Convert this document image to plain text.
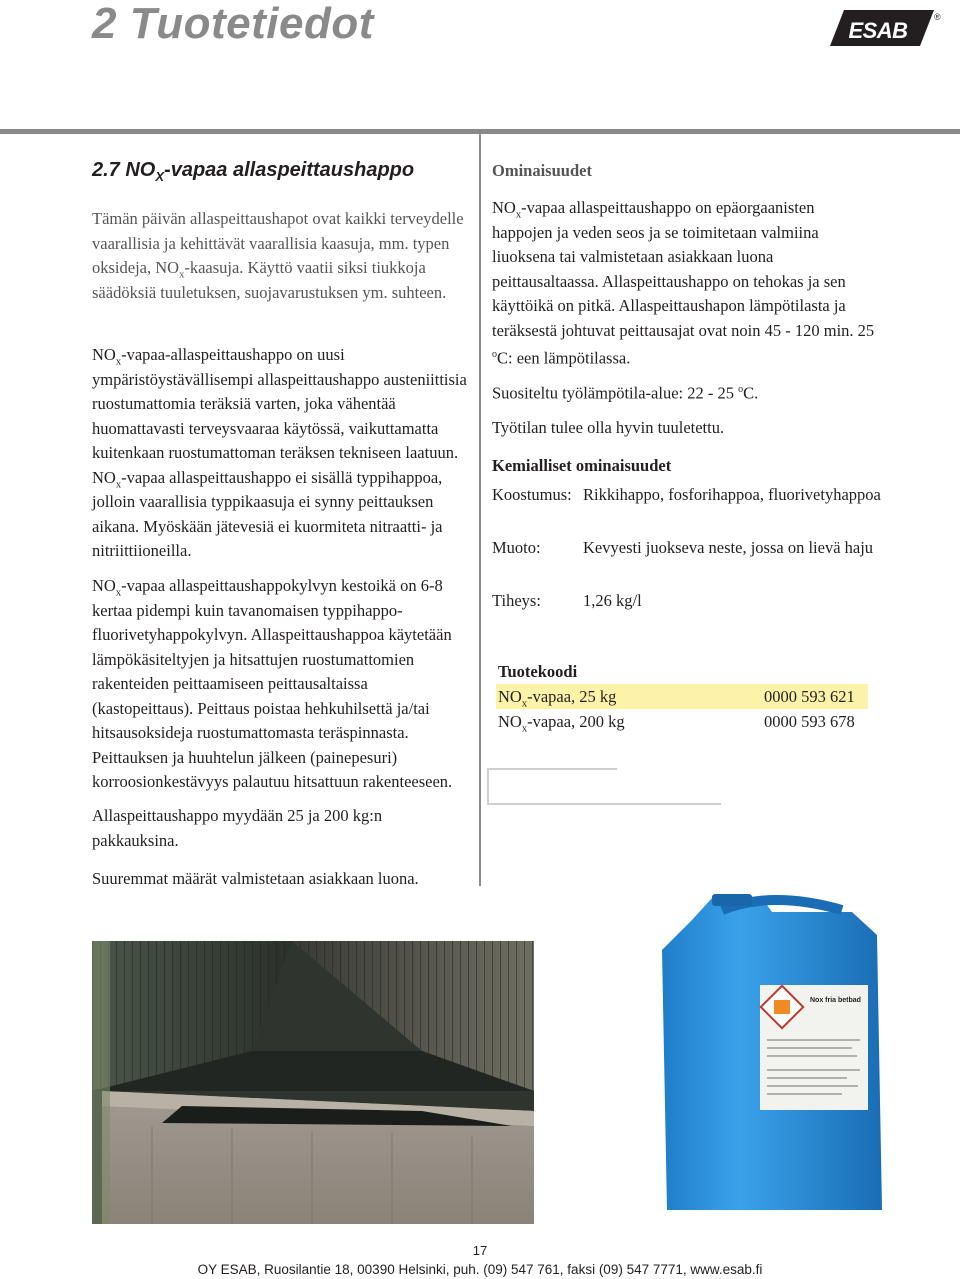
2 Tuotetiedot	ESAB
®
2.7 $NO_X$-vapaa allaspeittaushappo

Tämän päivän allaspeittaushapot ovat kaikki terveydelle vaarallisia ja kehittävät vaarallisia kaasuja, mm. typen oksideja, $NO_x$-kaasuja. Käyttö vaatii siksi tiukkoja säädöksiä tuuletuksen, suojavarustuksen ym. suhteen.

$NO_x-vapaa$-allaspeittaushappo on uusi ympäristöystävällisempi allaspeittaushappo austeniittisia ruostumattomia teräksiä varten, joka vähentää huomattavasti terveysvaaraa käytössä, vaikuttamatta kuitenkaan ruostumattoman teräksen tekniseen laatuun. $NO_x$-vapaa allaspeittaushappo ei sisällä typpihappoa, jolloin vaarallisia typpikaasuja ei synny peittauksen aikana. Myöskään jätevesiä ei kuormiteta nitraatti- ja nitriittiioneilla.

$NO_x$-vapaa allaspeittaushappokylvyn kestoikä on 6-8 kertaa pidempi kuin tavanomaisen typpihappo-fluorivetyhappokylvyn. Allaspeittaushappoa käytetään lämpökäsiteltyjen ja hitsattujen ruostumattomien rakenteiden peittaamiseen peittausaltaissa (kastopeittaus). Peittaus poistaa hehkuhilsettä ja/tai hitsausoksideja ruostumattomasta teräspinnasta. Peittauksen ja huuhtelun jälkeen (painepesuri) korroosionkestävyys palautuu hitsattuun rakenteeseen.

Allaspeittaushappo myydään 25 ja 200 kg:n pakkauksina.

Suuremmat määrät valmistetaan asiakkaan luona.

Ominaisuudet

$NO_x$-vapaa allaspeittaushappo on epäorgaanisten happojen ja veden seos ja se toimitetaan valmiina liuoksena tai valmistetaan asiakkaan luona peittausaltaassa. Allaspeittaushappo on tehokas ja sen käyttöikä on pitkä. Allaspeittaushapon lämpötilasta ja teräksestä johtuvat peittausajat ovat noin 45 - 120 min. 25 $^o$C: een lämpötilassa.

Suositeltu työlämpötila-alue: 22 - 25 $^o$C.

Työtilan tulee olla hyvin tuuletettu.

Kemialliset ominaisuudet
Koostumus: Rikkihappo, fosforihappoa, fluorivetyhappoa
Muoto:	Kevyesti juokseva neste, jossa on lievä haju
Tiheys:	1,26 kg/l
Tuotekoodi
$NO_x$-vapaa, 25 kg	0000 593 621
$NO_x$-vapaa, 200 kg	0000 593 678
Nox fria betbad
17
OY ESAB, Ruosilantie 18, 00390 Helsinki, puh. (09) 547 761, faksi (09) 547 7771, www.esab.fi
